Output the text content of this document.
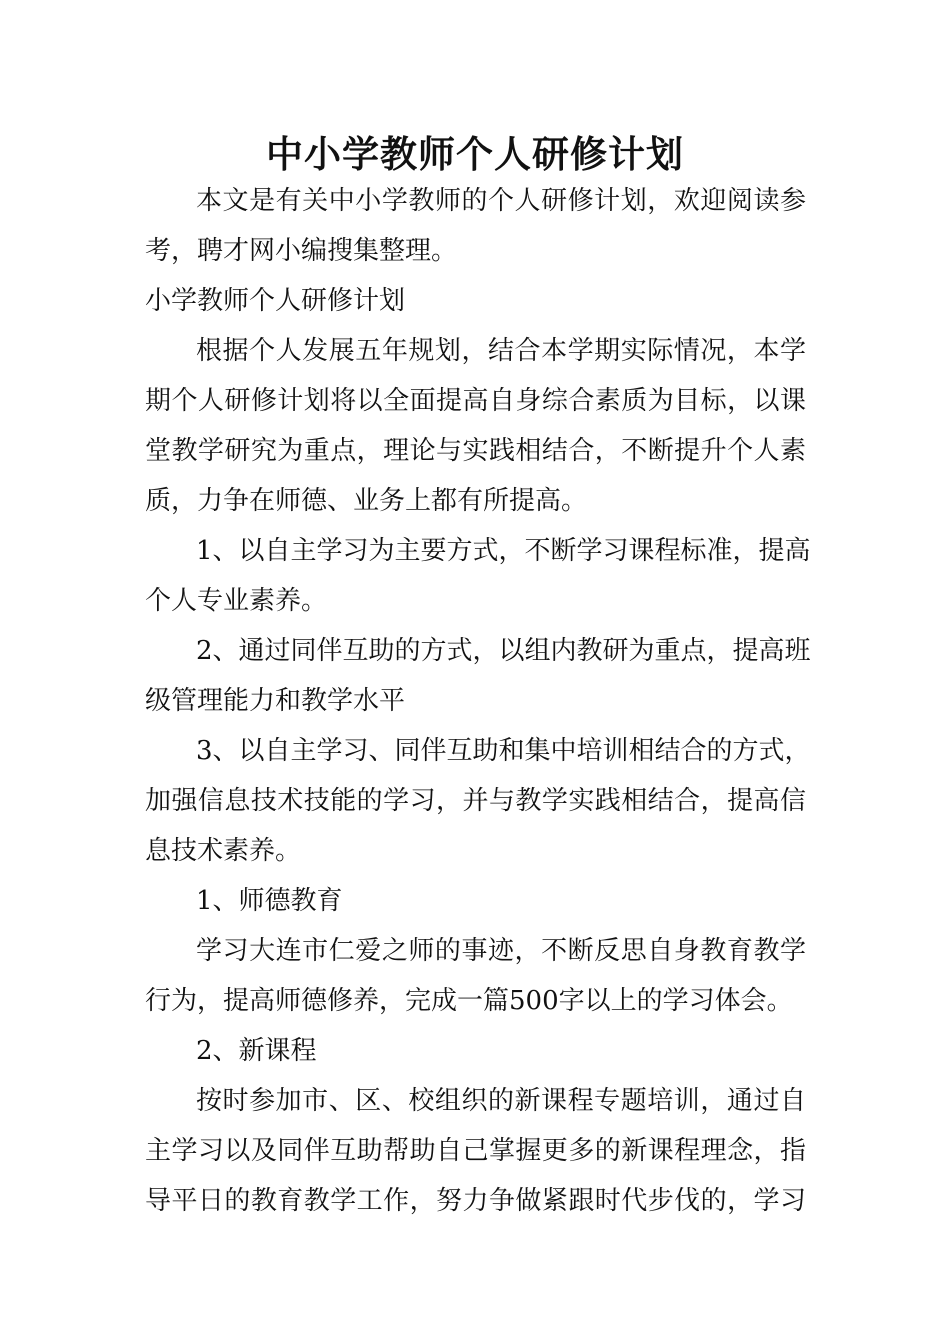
中小学教师个人研修计划

本文是有关中小学教师的个人研修计划，欢迎阅读参

考，聘才网小编搜集整理。

小学教师个人研修计划

根据个人发展五年规划，结合本学期实际情况，本学

期个人研修计划将以全面提高自身综合素质为目标，以课

堂教学研究为重点，理论与实践相结合，不断提升个人素

质，力争在师德、业务上都有所提高。

1、以自主学习为主要方式，不断学习课程标准，提高

个人专业素养。

2、通过同伴互助的方式，以组内教研为重点，提高班

级管理能力和教学水平

3、以自主学习、同伴互助和集中培训相结合的方式，

加强信息技术技能的学习，并与教学实践相结合，提高信

息技术素养。

1、师德教育

学习大连市仁爱之师的事迹，不断反思自身教育教学

行为，提高师德修养，完成一篇500字以上的学习体会。

2、新课程

按时参加市、区、校组织的新课程专题培训，通过自

主学习以及同伴互助帮助自己掌握更多的新课程理念，指

导平日的教育教学工作，努力争做紧跟时代步伐的，学习
